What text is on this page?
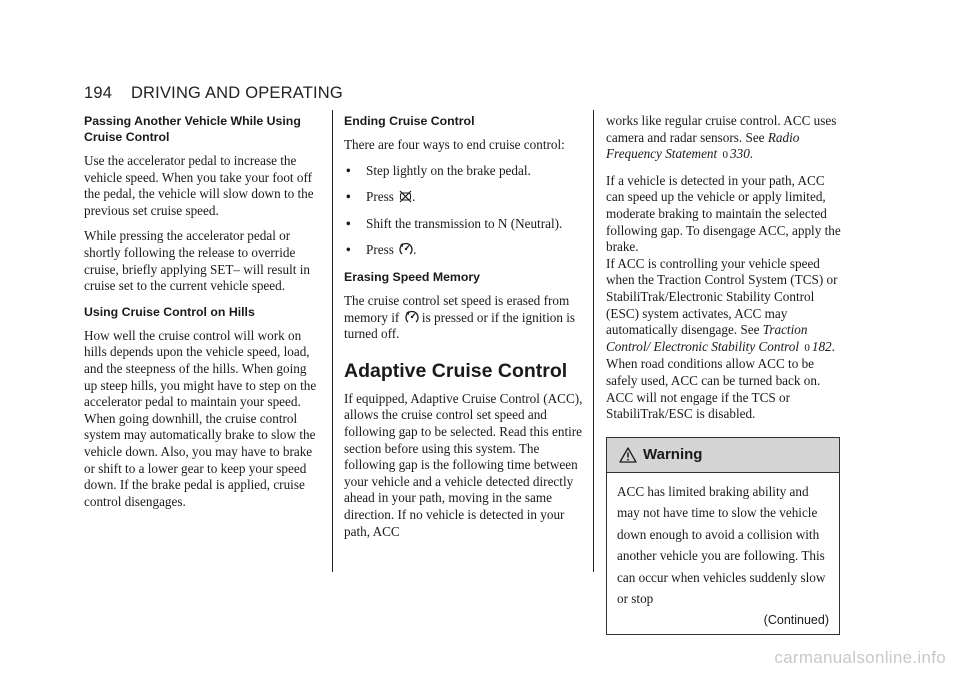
194 DRIVING AND OPERATING
Passing Another Vehicle While Using Cruise Control

Use the accelerator pedal to increase the vehicle speed. When you take your foot off the pedal, the vehicle will slow down to the previous set cruise speed.

While pressing the accelerator pedal or shortly following the release to override cruise, briefly applying SET– will result in cruise set to the current vehicle speed.

Using Cruise Control on Hills

How well the cruise control will work on hills depends upon the vehicle speed, load, and the steepness of the hills. When going up steep hills, you might have to step on the accelerator pedal to maintain your speed. When going downhill, the cruise control system may automatically brake to slow the vehicle down. Also, you may have to brake or shift to a lower gear to keep your speed down. If the brake pedal is applied, cruise control disengages.

Ending Cruise Control

There are four ways to end cruise control:

• Step lightly on the brake pedal.
• Press .
• Shift the transmission to N (Neutral).
• Press .
Erasing Speed Memory

The cruise control set speed is erased from memory if is pressed or if the ignition is turned off.

Adaptive Cruise Control

If equipped, Adaptive Cruise Control (ACC), allows the cruise control set speed and following gap to be selected. Read this entire section before using this system. The following gap is the following time between your vehicle and a vehicle detected directly ahead in your path, moving in the same direction. If no vehicle is detected in your path, ACC

works like regular cruise control. ACC uses camera and radar sensors. See Radio Frequency Statement 0 330.

If a vehicle is detected in your path, ACC can speed up the vehicle or apply limited, moderate braking to maintain the selected following gap. To disengage ACC, apply the brake.
If ACC is controlling your vehicle speed when the Traction Control System (TCS) or StabiliTrak/Electronic Stability Control (ESC) system activates, ACC may automatically disengage. See Traction Control/ Electronic Stability Control 0 182. When road conditions allow ACC to be safely used, ACC can be turned back on. ACC will not engage if the TCS or StabiliTrak/ESC is disabled.

Warning

ACC has limited braking ability and may not have time to slow the vehicle down enough to avoid a collision with another vehicle you are following. This can occur when vehicles suddenly slow or stop

(Continued)
carmanualsonline.info
